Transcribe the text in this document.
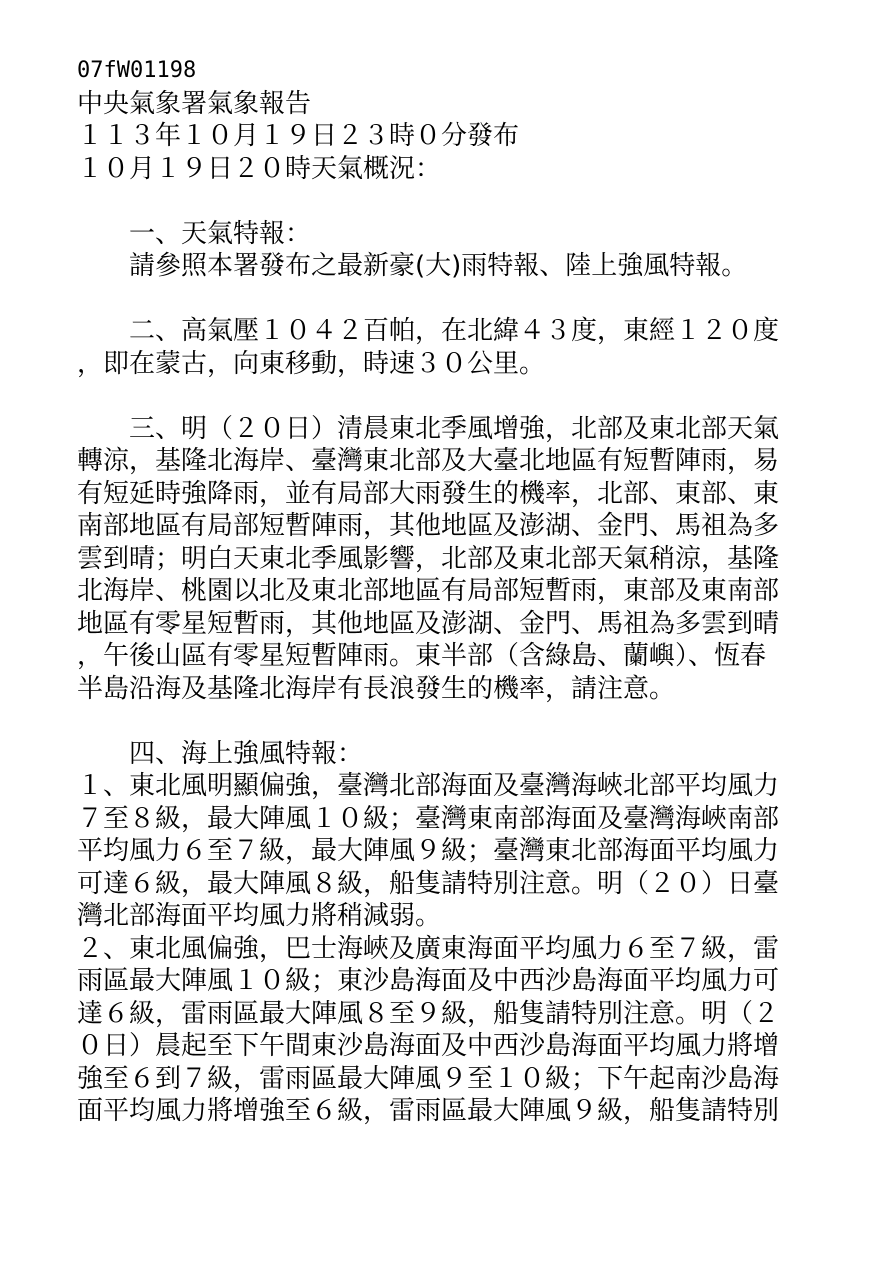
07fW01198
中央氣象署氣象報告
１１３年１０月１９日２３時０分發布
１０月１９日２０時天氣概況：
一、天氣特報：
請參照本署發布之最新豪(大)雨特報、陸上強風特報。
二、高氣壓１０４２百帕，在北緯４３度，東經１２０度
，即在蒙古，向東移動，時速３０公里。
三、明（２０日）清晨東北季風增強，北部及東北部天氣
轉涼，基隆北海岸、臺灣東北部及大臺北地區有短暫陣雨，易
有短延時強降雨，並有局部大雨發生的機率，北部、東部、東
南部地區有局部短暫陣雨，其他地區及澎湖、金門、馬祖為多
雲到晴；明白天東北季風影響，北部及東北部天氣稍涼，基隆
北海岸、桃園以北及東北部地區有局部短暫雨，東部及東南部
地區有零星短暫雨，其他地區及澎湖、金門、馬祖為多雲到晴
，午後山區有零星短暫陣雨。東半部（含綠島、蘭嶼）、恆春
半島沿海及基隆北海岸有長浪發生的機率，請注意。
四、海上強風特報：
１、東北風明顯偏強，臺灣北部海面及臺灣海峽北部平均風力
７至８級，最大陣風１０級；臺灣東南部海面及臺灣海峽南部
平均風力６至７級，最大陣風９級；臺灣東北部海面平均風力
可達６級，最大陣風８級，船隻請特別注意。明（２０）日臺
灣北部海面平均風力將稍減弱。
２、東北風偏強，巴士海峽及廣東海面平均風力６至７級，雷
雨區最大陣風１０級；東沙島海面及中西沙島海面平均風力可
達６級，雷雨區最大陣風８至９級，船隻請特別注意。明（２
０日）晨起至下午間東沙島海面及中西沙島海面平均風力將增
強至６到７級，雷雨區最大陣風９至１０級；下午起南沙島海
面平均風力將增強至６級，雷雨區最大陣風９級，船隻請特別
